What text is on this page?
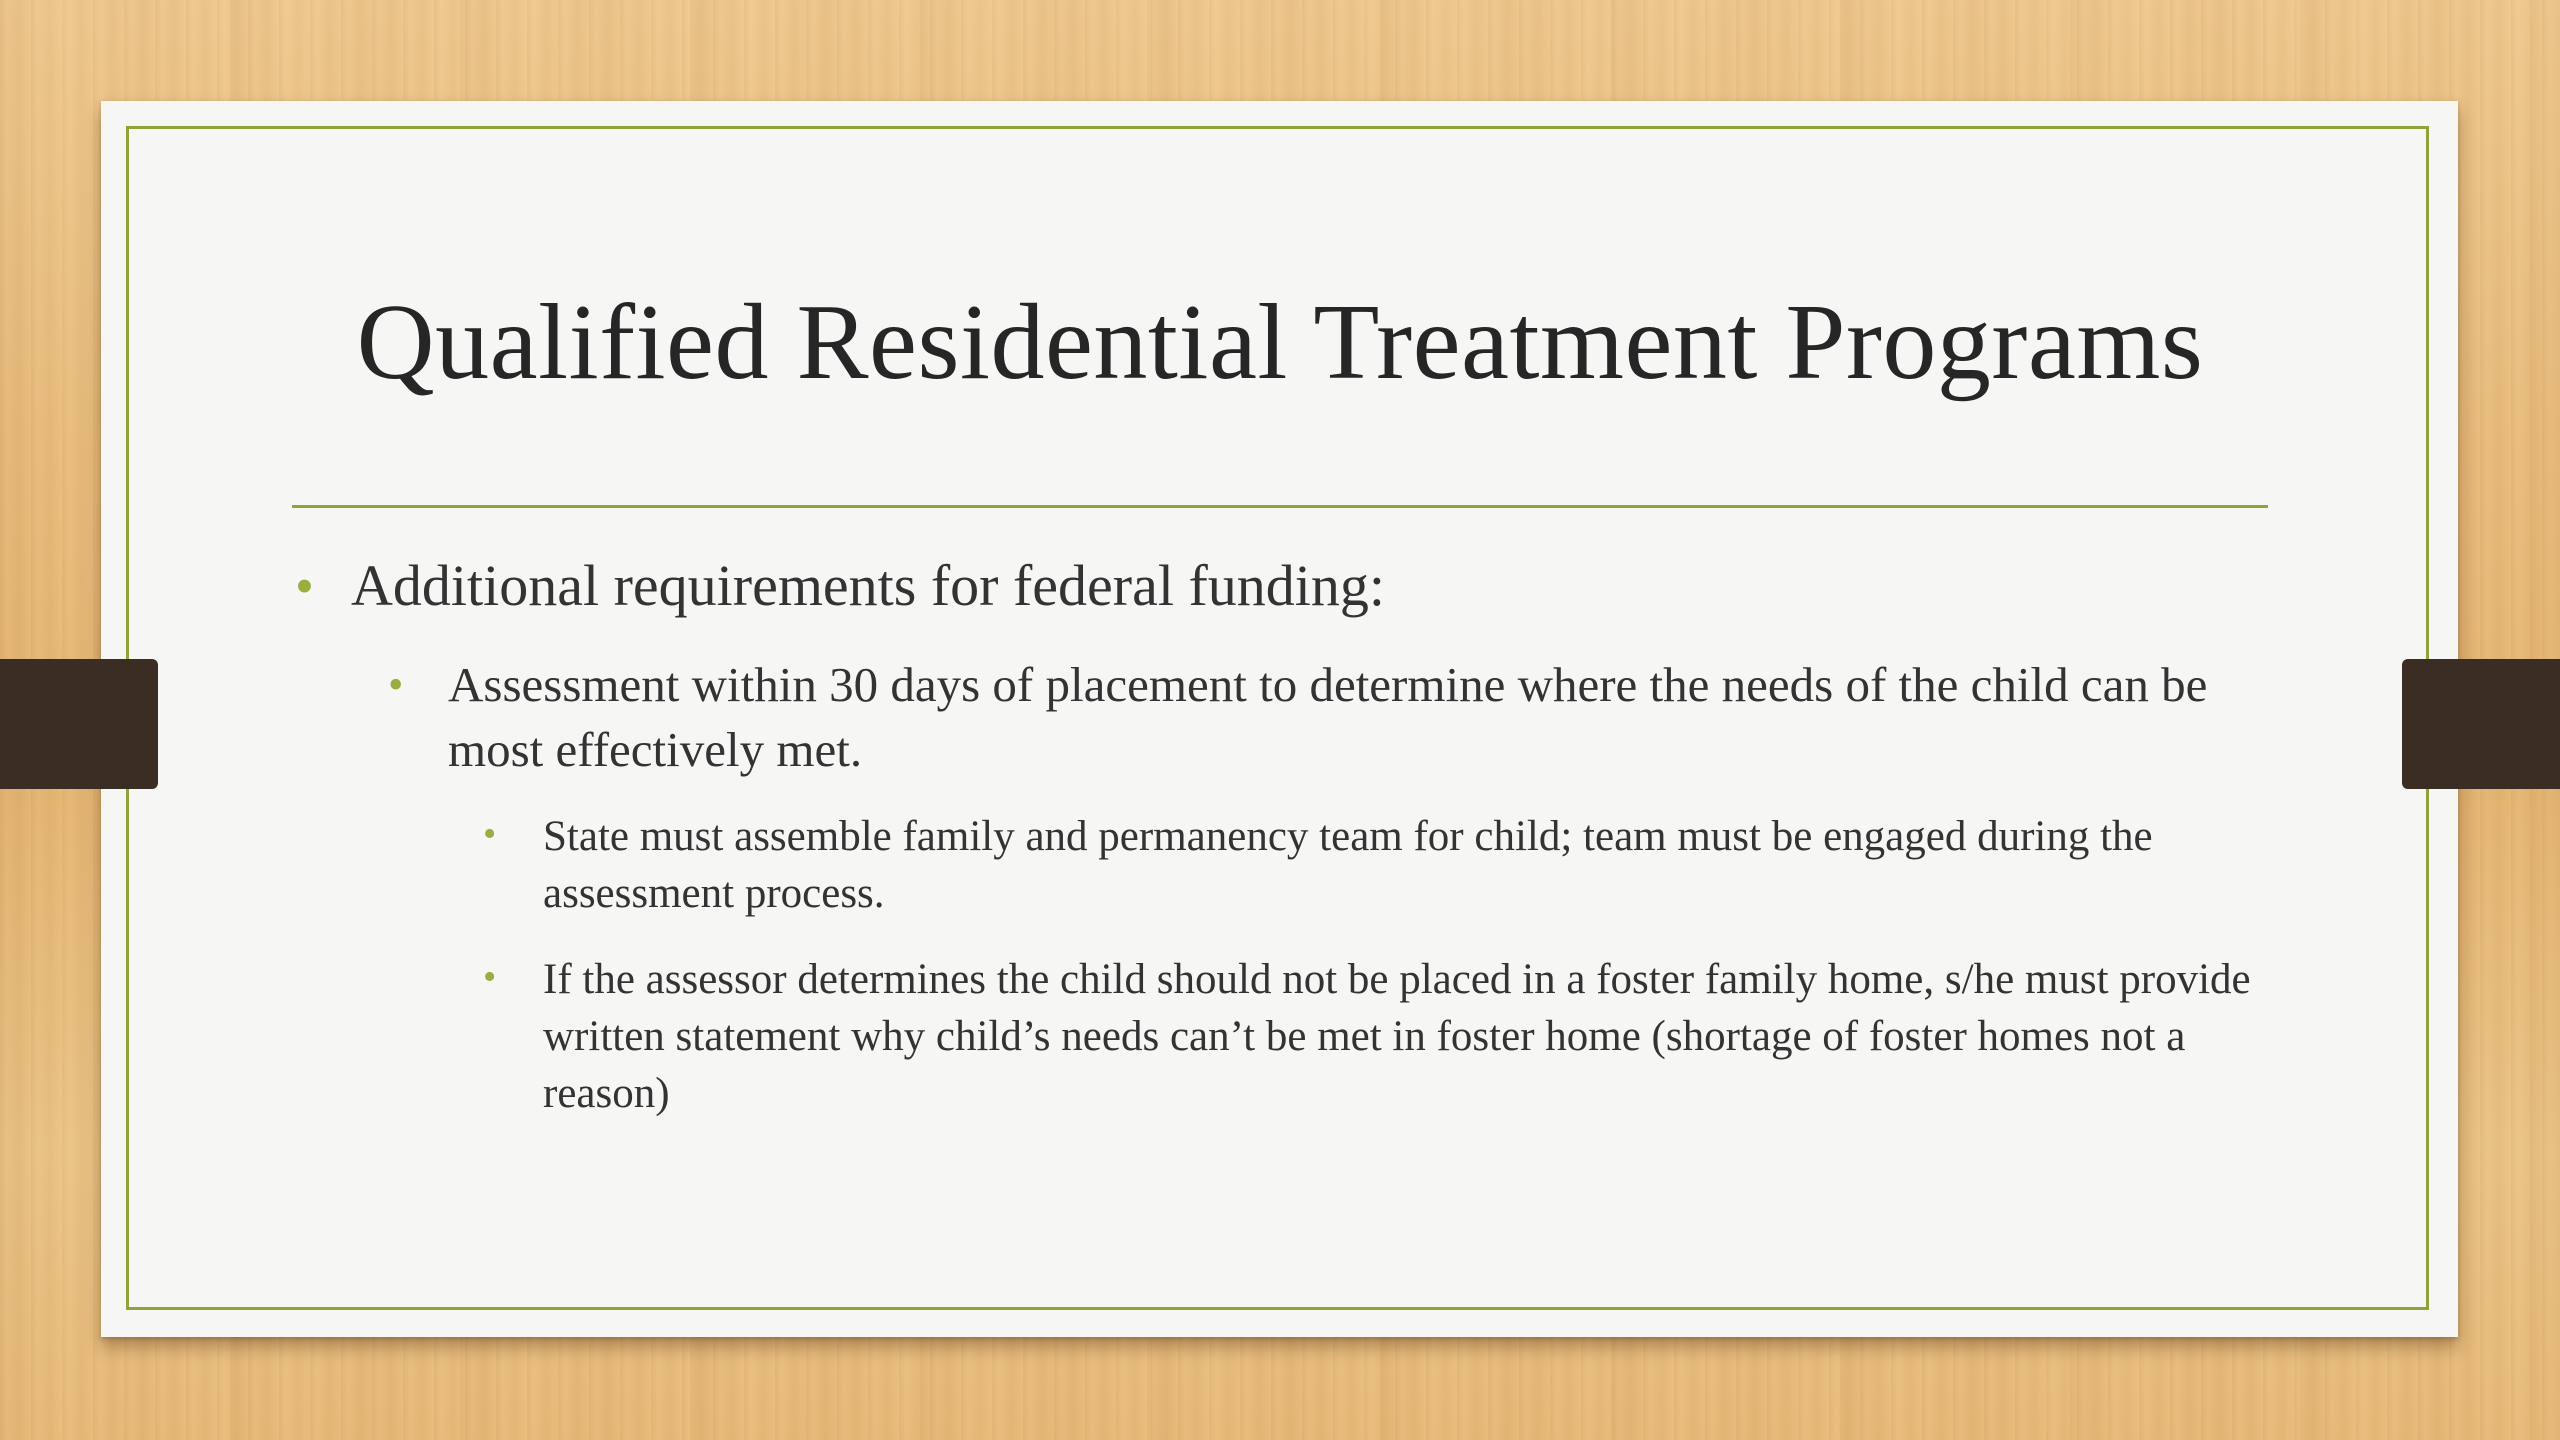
Qualified Residential Treatment Programs
• Additional requirements for federal funding:
• Assessment within 30 days of placement to determine where the needs of the child can be most effectively met.
• State must assemble family and permanency team for child; team must be engaged during the assessment process.
• If the assessor determines the child should not be placed in a foster family home, s/he must provide written statement why child’s needs can’t be met in foster home (shortage of foster homes not a reason)
